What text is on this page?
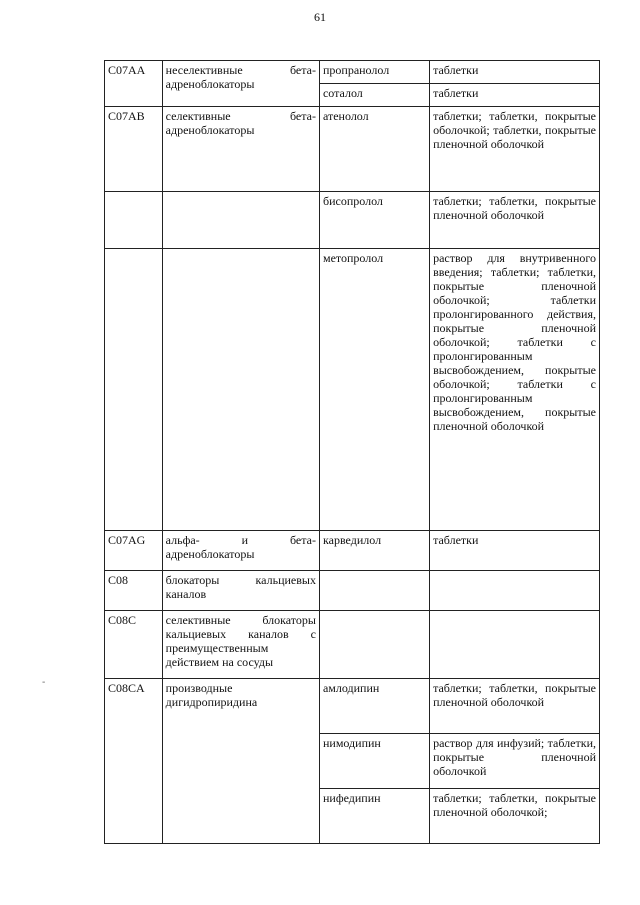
61
-
C07AA	неселективные бета-адреноблокаторы	пропранолол	таблетки
		соталол	таблетки
C07AB	селективные бета-адреноблокаторы	атенолол	таблетки; таблетки, покрытые оболочкой; таблетки, покрытые пленочной оболочкой
		бисопролол	таблетки; таблетки, покрытые пленочной оболочкой
		метопролол	раствор для внутривенного введения; таблетки; таблетки, покрытые пленочной оболочкой; таблетки пролонгированного действия, покрытые пленочной оболочкой; таблетки с пролонгированным высвобождением, покрытые оболочкой; таблетки с пролонгированным высвобождением, покрытые пленочной оболочкой
C07AG	альфа- и бета-адреноблокаторы	карведилол	таблетки
C08	блокаторы кальциевых каналов		
C08C	селективные блокаторы кальциевых каналов с преимущественным действием на сосуды		
C08CA	производные дигидропиридина	амлодипин	таблетки; таблетки, покрытые пленочной оболочкой
		нимодипин	раствор для инфузий; таблетки, покрытые пленочной оболочкой
		нифедипин	таблетки; таблетки, покрытые пленочной оболочкой;
